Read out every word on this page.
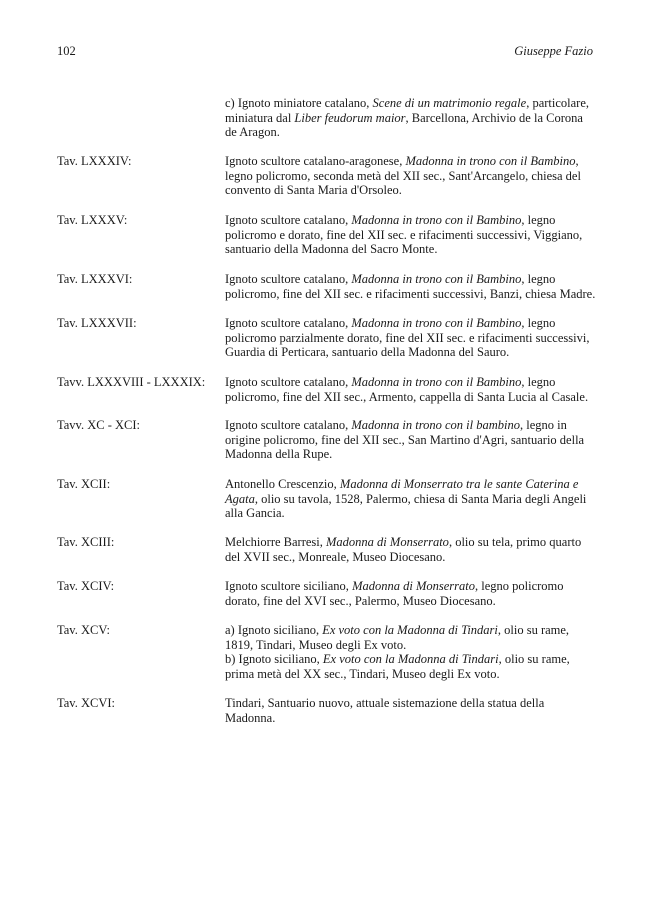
102	Giuseppe Fazio

c) Ignoto miniatore catalano, Scene di un matrimonio regale, particolare, miniatura dal Liber feudorum maior, Barcellona, Archivio de la Corona de Aragon.

Tav. LXXXIV:	Ignoto scultore catalano-aragonese, Madonna in trono con il Bambino, legno policromo, seconda metà del XII sec., Sant'Arcangelo, chiesa del convento di Santa Maria d'Orsoleo.

Tav. LXXXV:	Ignoto scultore catalano, Madonna in trono con il Bambino, legno policromo e dorato, fine del XII sec. e rifacimenti successivi, Viggiano, santuario della Madonna del Sacro Monte.

Tav. LXXXVI:	Ignoto scultore catalano, Madonna in trono con il Bambino, legno policromo, fine del XII sec. e rifacimenti successivi, Banzi, chiesa Madre.

Tav. LXXXVII:	Ignoto scultore catalano, Madonna in trono con il Bambino, legno policromo parzialmente dorato, fine del XII sec. e rifacimenti successivi, Guardia di Perticara, santuario della Madonna del Sauro.

Tavv. LXXXVIII - LXXXIX: Ignoto scultore catalano, Madonna in trono con il Bambino, legno policromo, fine del XII sec., Armento, cappella di Santa Lucia al Casale.

Tavv. XC - XCI:	Ignoto scultore catalano, Madonna in trono con il bambino, legno in origine policromo, fine del XII sec., San Martino d'Agri, santuario della Madonna della Rupe.

Tav. XCII:	Antonello Crescenzio, Madonna di Monserrato tra le sante Caterina e Agata, olio su tavola, 1528, Palermo, chiesa di Santa Maria degli Angeli alla Gancia.

Tav. XCIII:	Melchiorre Barresi, Madonna di Monserrato, olio su tela, primo quarto del XVII sec., Monreale, Museo Diocesano.

Tav. XCIV:	Ignoto scultore siciliano, Madonna di Monserrato, legno policromo dorato, fine del XVI sec., Palermo, Museo Diocesano.

Tav. XCV:	a) Ignoto siciliano, Ex voto con la Madonna di Tindari, olio su rame, 1819, Tindari, Museo degli Ex voto.

b) Ignoto siciliano, Ex voto con la Madonna di Tindari, olio su rame, prima metà del XX sec., Tindari, Museo degli Ex voto.

Tav. XCVI:	Tindari, Santuario nuovo, attuale sistemazione della statua della Madonna.
